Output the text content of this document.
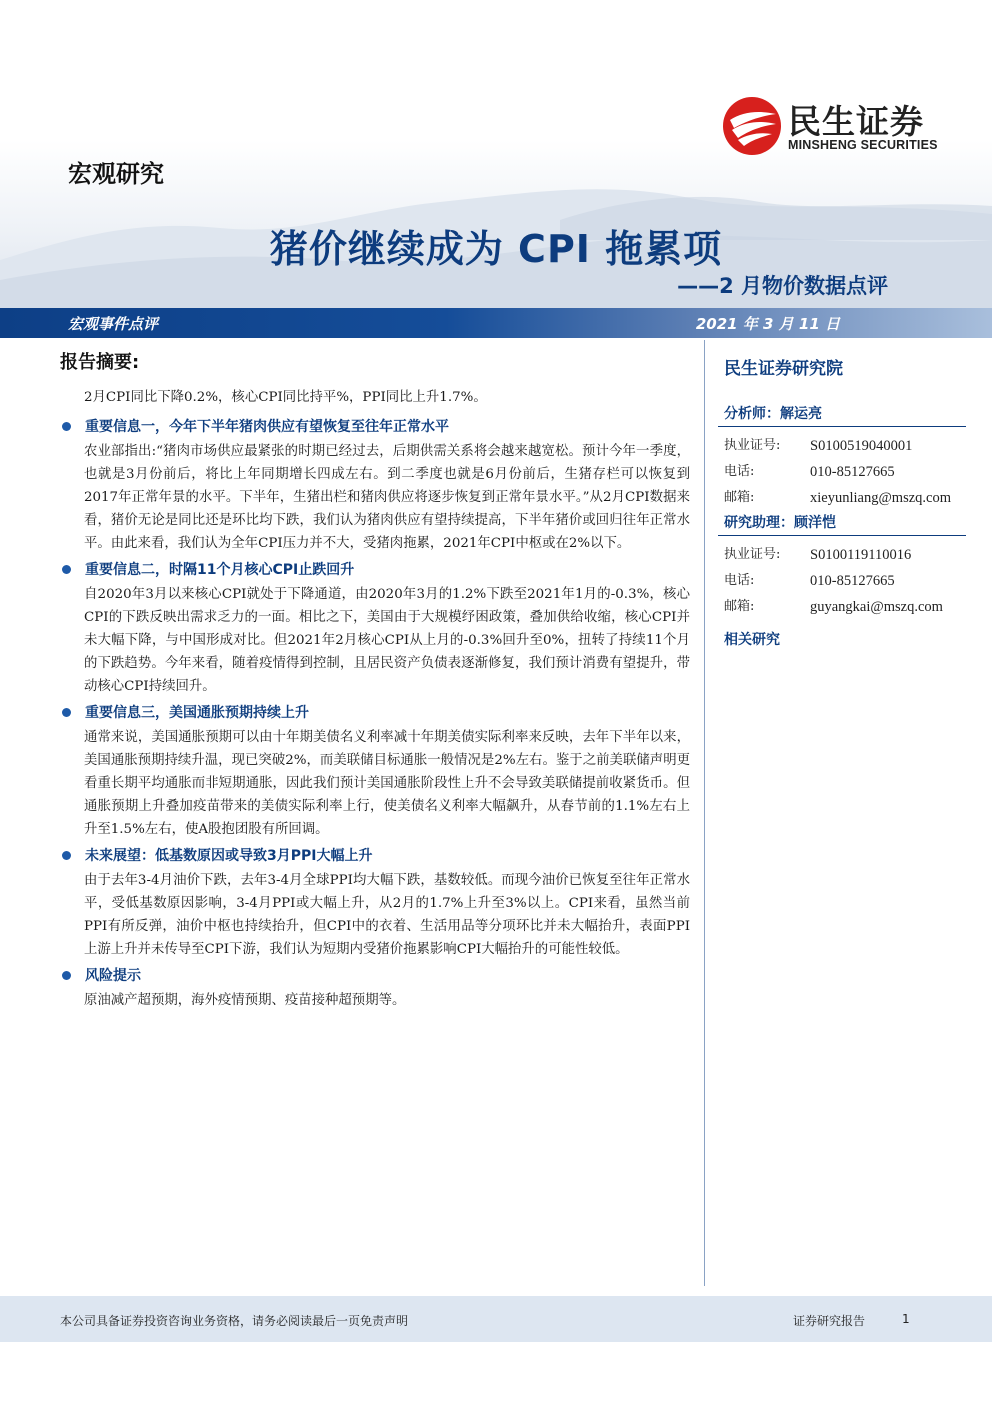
民生证券
MINSHENG SECURITIES
宏观研究
猪价继续成为 CPI 拖累项
——2 月物价数据点评
宏观事件点评	2021 年 3 月 11 日
报告摘要:
2月CPI同比下降0.2%，核心CPI同比持平%，PPI同比上升1.7%。
重要信息一，今年下半年猪肉供应有望恢复至往年正常水平
农业部指出:“猪肉市场供应最紧张的时期已经过去，后期供需关系将会越来越宽松。预计今年一季度，也就是3月份前后，将比上年同期增长四成左右。到二季度也就是6月份前后，生猪存栏可以恢复到2017年正常年景的水平。下半年，生猪出栏和猪肉供应将逐步恢复到正常年景水平。”从2月CPI数据来看，猪价无论是同比还是环比均下跌，我们认为猪肉供应有望持续提高，下半年猪价或回归往年正常水平。由此来看，我们认为全年CPI压力并不大，受猪肉拖累，2021年CPI中枢或在2%以下。
重要信息二，时隔11个月核心CPI止跌回升
自2020年3月以来核心CPI就处于下降通道，由2020年3月的1.2%下跌至2021年1月的-0.3%，核心CPI的下跌反映出需求乏力的一面。相比之下，美国由于大规模纾困政策，叠加供给收缩，核心CPI并未大幅下降，与中国形成对比。但2021年2月核心CPI从上月的-0.3%回升至0%，扭转了持续11个月的下跌趋势。今年来看，随着疫情得到控制，且居民资产负债表逐渐修复，我们预计消费有望提升，带动核心CPI持续回升。
重要信息三，美国通胀预期持续上升
通常来说，美国通胀预期可以由十年期美债名义利率减十年期美债实际利率来反映，去年下半年以来，美国通胀预期持续升温，现已突破2%，而美联储目标通胀一般情况是2%左右。鉴于之前美联储声明更看重长期平均通胀而非短期通胀，因此我们预计美国通胀阶段性上升不会导致美联储提前收紧货币。但通胀预期上升叠加疫苗带来的美债实际利率上行，使美债名义利率大幅飙升，从春节前的1.1%左右上升至1.5%左右，使A股抱团股有所回调。
未来展望：低基数原因或导致3月PPI大幅上升
由于去年3-4月油价下跌，去年3-4月全球PPI均大幅下跌，基数较低。而现今油价已恢复至往年正常水平，受低基数原因影响，3-4月PPI或大幅上升，从2月的1.7%上升至3%以上。CPI来看，虽然当前PPI有所反弹，油价中枢也持续抬升，但CPI中的衣着、生活用品等分项环比并未大幅抬升，表面PPI上游上升并未传导至CPI下游，我们认为短期内受猪价拖累影响CPI大幅抬升的可能性较低。
风险提示
原油减产超预期，海外疫情预期、疫苗接种超预期等。
民生证券研究院
分析师：解运亮
执业证号:	S0100519040001
电话:	010-85127665
邮箱:	xieyunliang@mszq.com
研究助理：顾洋恺
执业证号:	S0100119110016
电话:	010-85127665
邮箱:	guyangkai@mszq.com
相关研究
本公司具备证券投资咨询业务资格，请务必阅读最后一页免责声明	证券研究报告	1
